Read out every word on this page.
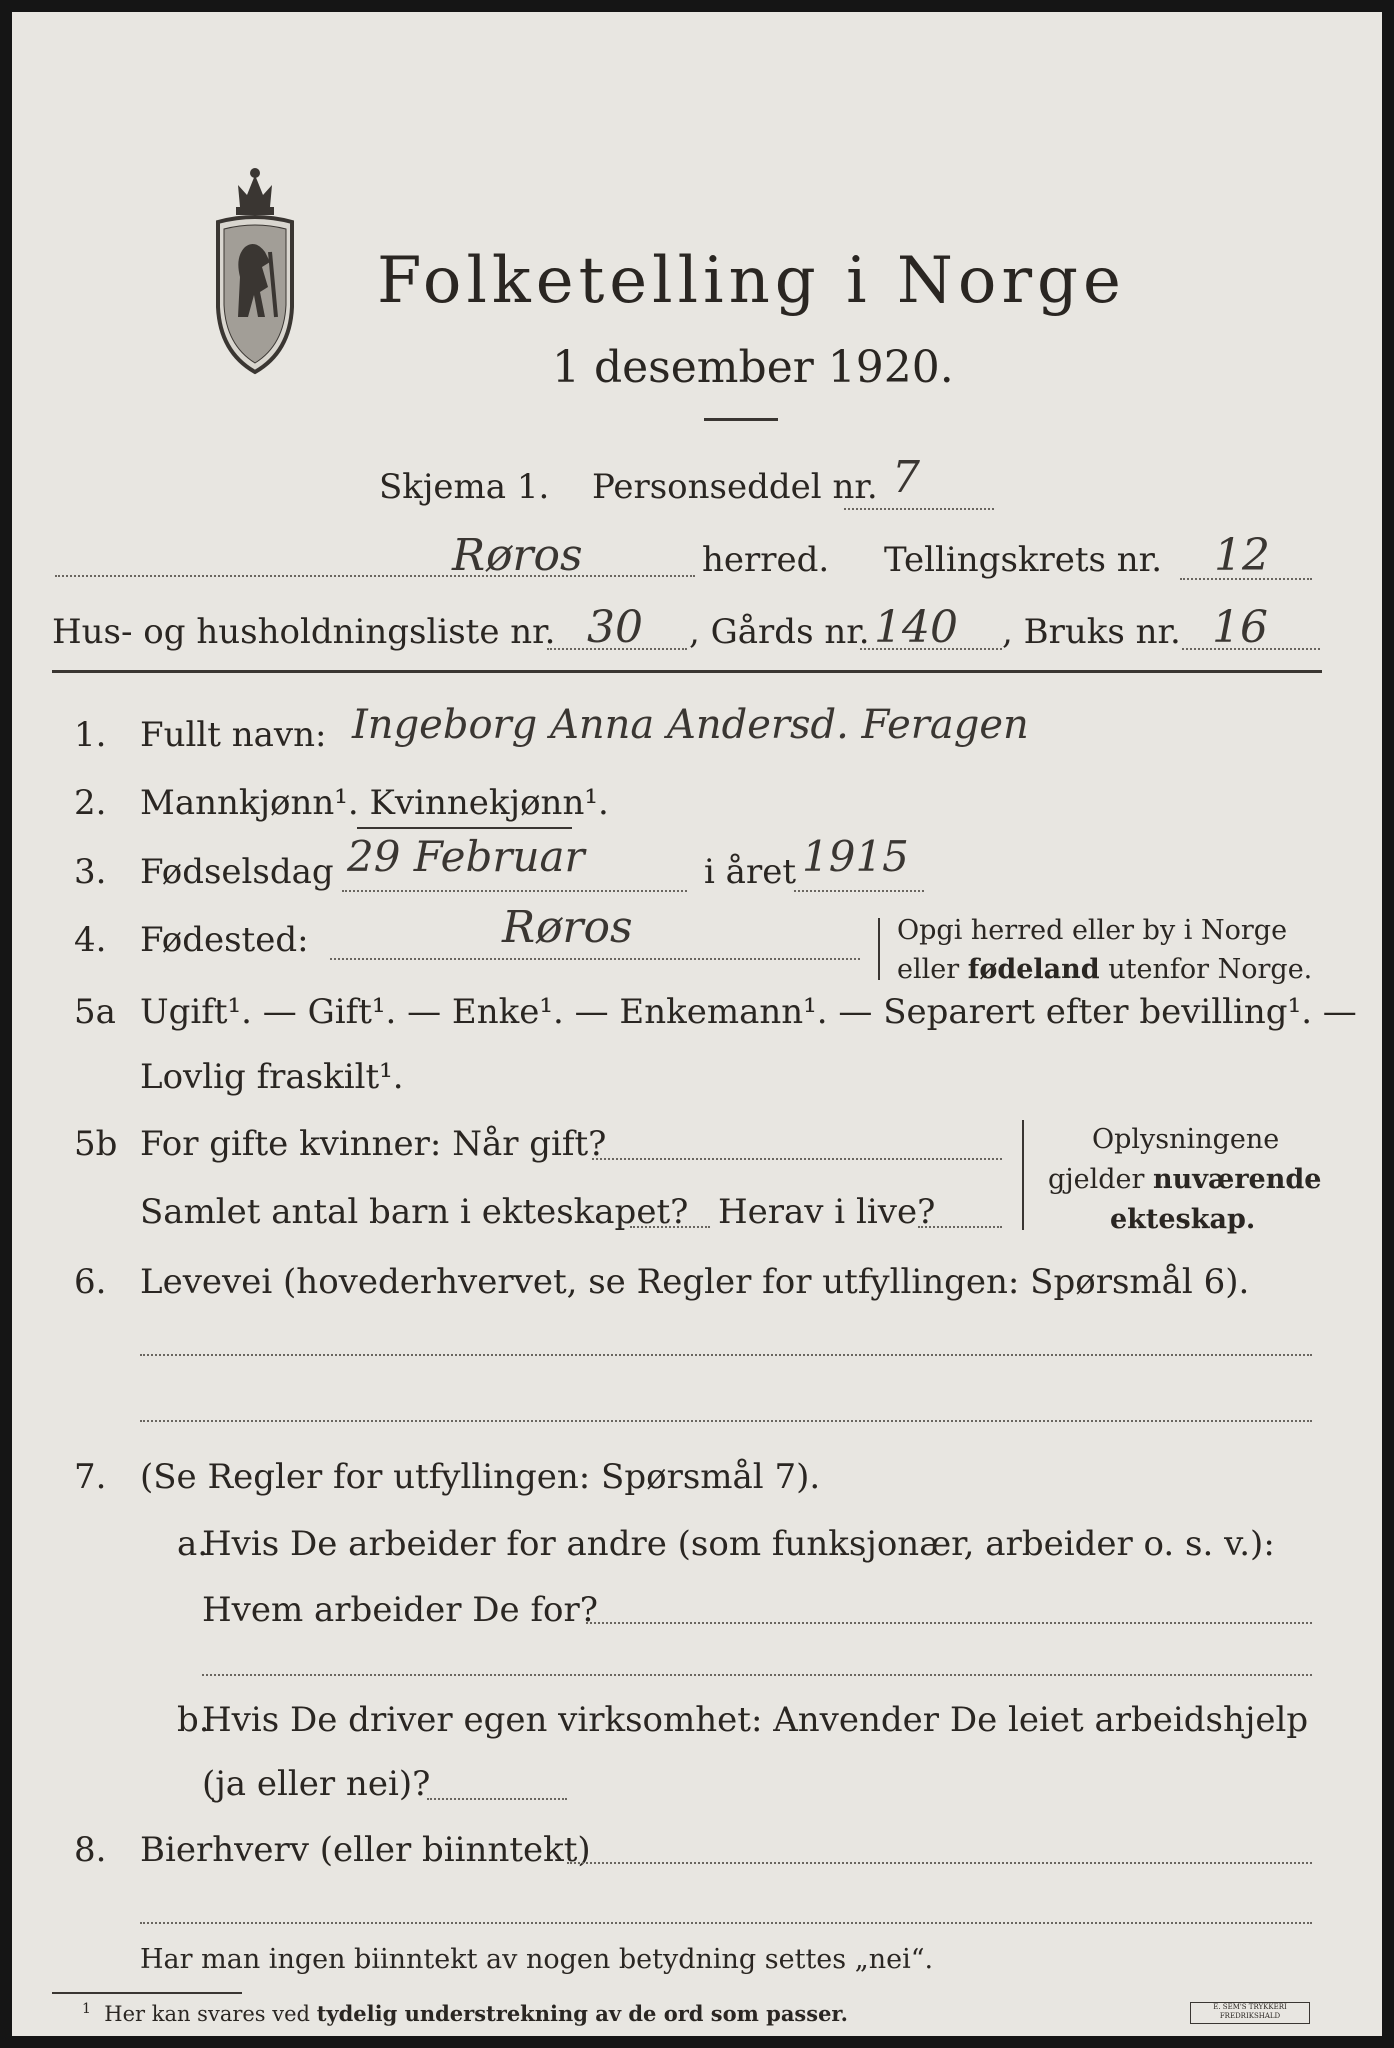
Folketelling i Norge
1 desember 1920.
Skjema 1. Personseddel nr. 7
Røros	herred. Tellingskrets nr. 12
Hus- og husholdningsliste nr. 30 , Gårds nr. 140 , Bruks nr. 16
1. Fullt navn: Ingeborg Anna Andersd. Feragen
2. Mannkjønn¹. Kvinnekjønn¹.
3. Fødselsdag 29 Februar	i året 1915
4. Fødested:	Røros	Opgi herred eller by i Norge
eller fødeland utenfor Norge.
5a Ugift¹. — Gift¹. — Enke¹. — Enkemann¹. — Separert efter bevilling¹. —
Lovlig fraskilt¹.
5b For gifte kvinner: Når gift?
Samlet antal barn i ekteskapet? Herav i live?
Oplysningene
gjelder nuværende
ekteskap.
6. Levevei (hovederhvervet, se Regler for utfyllingen: Spørsmål 6).
7. (Se Regler for utfyllingen: Spørsmål 7).
a.
Hvis De arbeider for andre (som funksjonær, arbeider o. s. v.):
Hvem arbeider De for?
b.
Hvis De driver egen virksomhet: Anvender De leiet arbeidshjelp
(ja eller nei)?
8. Bierhverv (eller biinntekt)
Har man ingen biinntekt av nogen betydning settes „nei“.
$^1$ Her kan svares ved tydelig understrekning av de ord som passer.	E. SEM'S TRYKKERI FREDRIKSHALD
